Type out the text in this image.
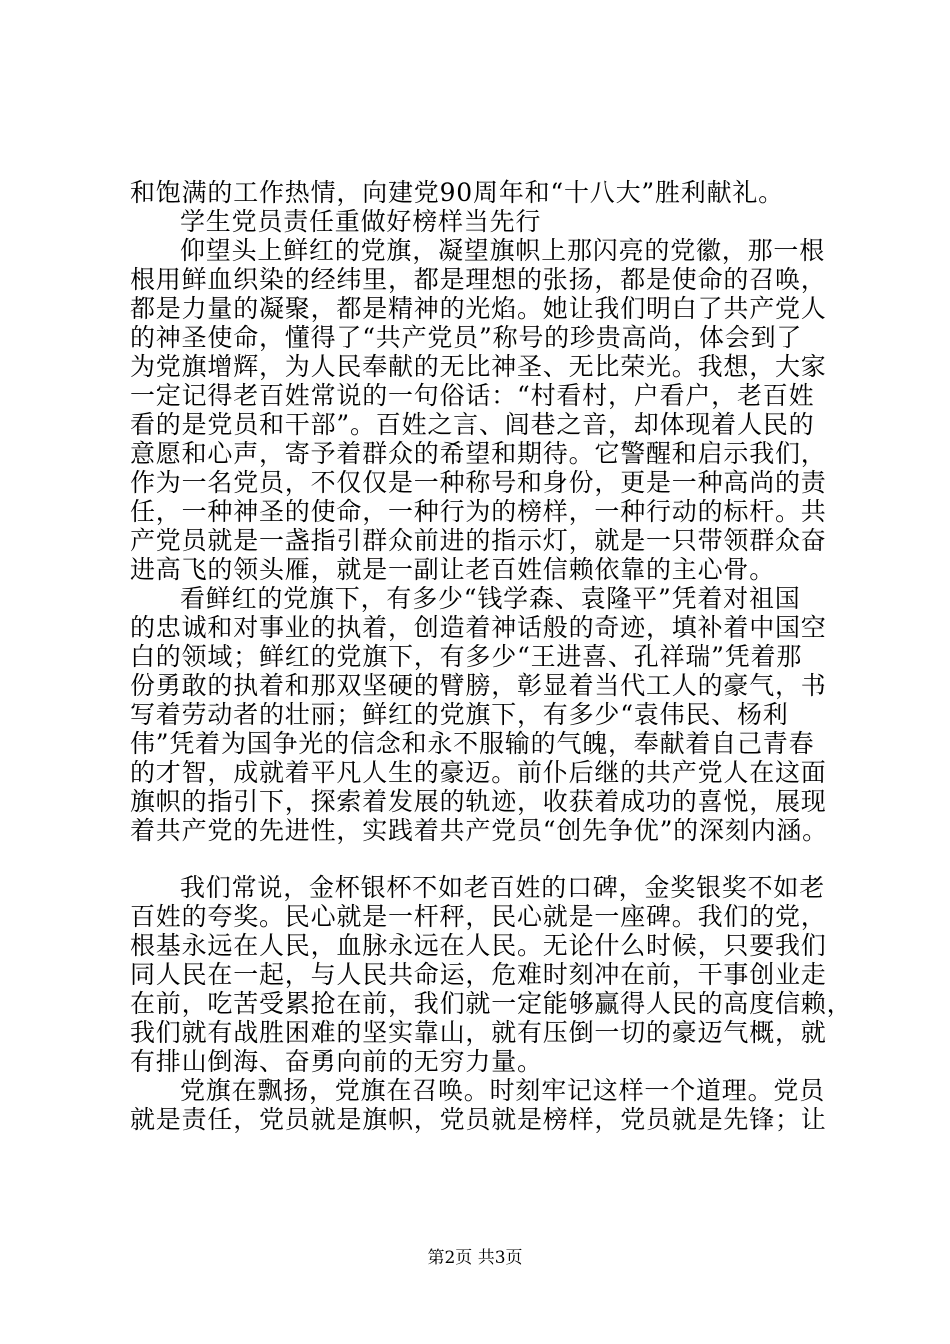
和饱满的工作热情，向建党90周年和“十八大”胜利献礼。
学生党员责任重做好榜样当先行
仰望头上鲜红的党旗，凝望旗帜上那闪亮的党徽，那一根
根用鲜血织染的经纬里，都是理想的张扬，都是使命的召唤，
都是力量的凝聚，都是精神的光焰。她让我们明白了共产党人
的神圣使命，懂得了“共产党员”称号的珍贵高尚，体会到了
为党旗增辉，为人民奉献的无比神圣、无比荣光。我想，大家
一定记得老百姓常说的一句俗话：“村看村，户看户，老百姓
看的是党员和干部”。百姓之言、闾巷之音，却体现着人民的
意愿和心声，寄予着群众的希望和期待。它警醒和启示我们，
作为一名党员，不仅仅是一种称号和身份，更是一种高尚的责
任，一种神圣的使命，一种行为的榜样，一种行动的标杆。共
产党员就是一盏指引群众前进的指示灯，就是一只带领群众奋
进高飞的领头雁，就是一副让老百姓信赖依靠的主心骨。
看鲜红的党旗下，有多少“钱学森、袁隆平”凭着对祖国
的忠诚和对事业的执着，创造着神话般的奇迹，填补着中国空
白的领域；鲜红的党旗下，有多少“王进喜、孔祥瑞”凭着那
份勇敢的执着和那双坚硬的臂膀，彰显着当代工人的豪气，书
写着劳动者的壮丽；鲜红的党旗下，有多少“袁伟民、杨利
伟”凭着为国争光的信念和永不服输的气魄，奉献着自己青春
的才智，成就着平凡人生的豪迈。前仆后继的共产党人在这面
旗帜的指引下，探索着发展的轨迹，收获着成功的喜悦，展现
着共产党的先进性，实践着共产党员“创先争优”的深刻内涵。
我们常说，金杯银杯不如老百姓的口碑，金奖银奖不如老
百姓的夸奖。民心就是一杆秤，民心就是一座碑。我们的党，
根基永远在人民，血脉永远在人民。无论什么时候，只要我们
同人民在一起，与人民共命运，危难时刻冲在前，干事创业走
在前，吃苦受累抢在前，我们就一定能够赢得人民的高度信赖，
我们就有战胜困难的坚实靠山，就有压倒一切的豪迈气概，就
有排山倒海、奋勇向前的无穷力量。
党旗在飘扬，党旗在召唤。时刻牢记这样一个道理。党员
就是责任，党员就是旗帜，党员就是榜样，党员就是先锋；让
第2页 共3页
